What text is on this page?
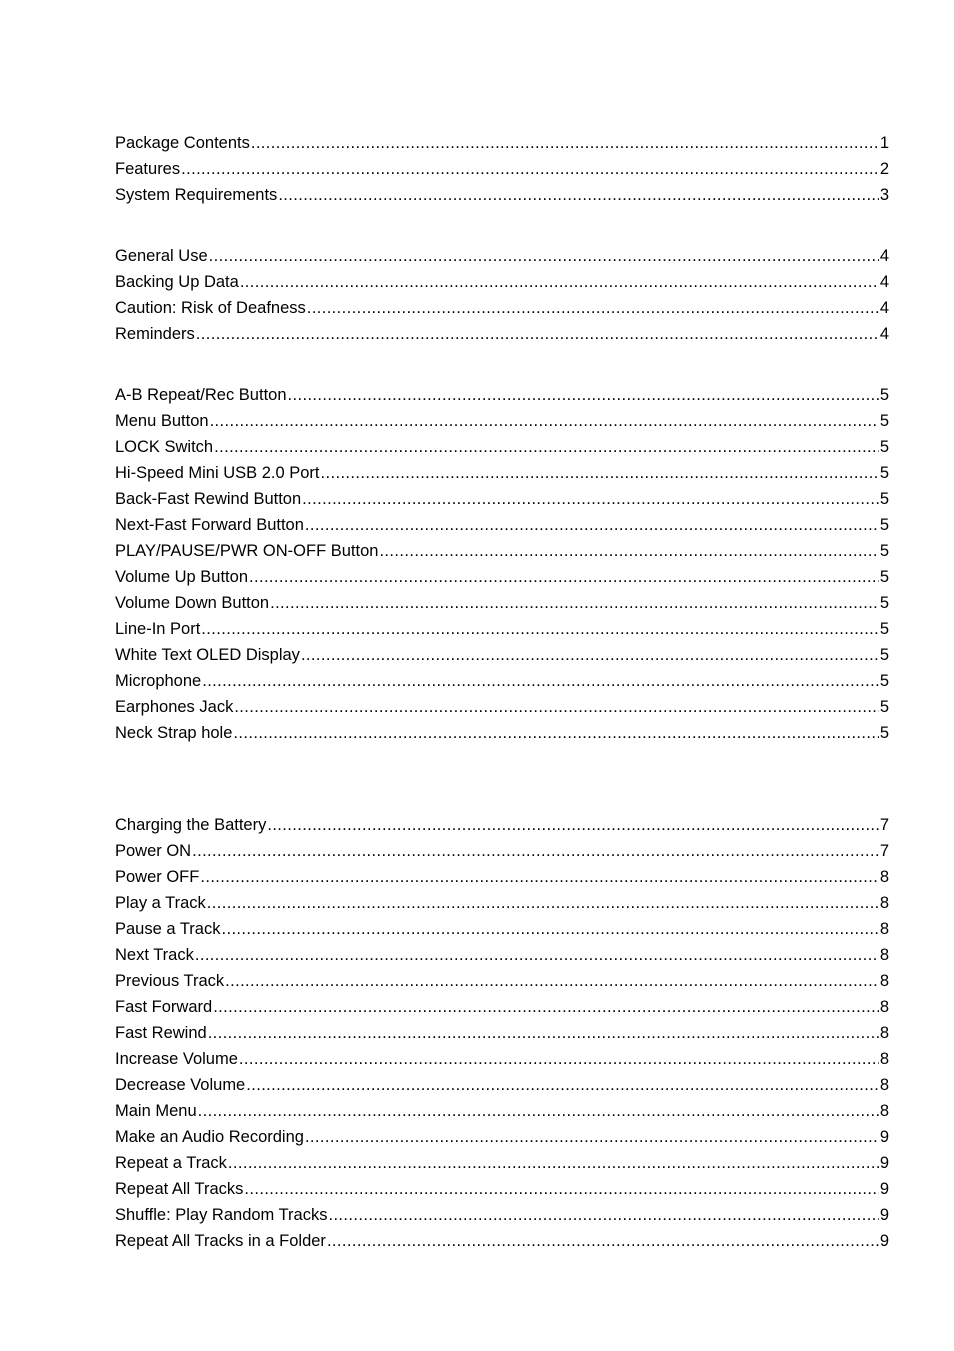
Package Contents .....	1
Features .....	2
System Requirements .....	3
General Use .....	4
Backing Up Data .....	4
Caution: Risk of Deafness .....	4
Reminders .....	4
A-B Repeat/Rec Button .....	5
Menu Button .....	5
LOCK Switch .....	5
Hi-Speed Mini USB 2.0 Port .....	5
Back-Fast Rewind Button .....	5
Next-Fast Forward Button .....	5
PLAY/PAUSE/PWR ON-OFF Button .....	5
Volume Up Button .....	5
Volume Down Button .....	5
Line-In Port .....	5
White Text OLED Display .....	5
Microphone .....	5
Earphones Jack .....	5
Neck Strap hole .....	5
Charging the Battery .....	7
Power ON .....	7
Power OFF .....	8
Play a Track .....	8
Pause a Track .....	8
Next Track .....	8
Previous Track .....	8
Fast Forward .....	8
Fast Rewind .....	8
Increase Volume .....	8
Decrease Volume .....	8
Main Menu .....	8
Make an Audio Recording .....	9
Repeat a Track .....	9
Repeat All Tracks .....	9
Shuffle: Play Random Tracks .....	9
Repeat All Tracks in a Folder .....	9
